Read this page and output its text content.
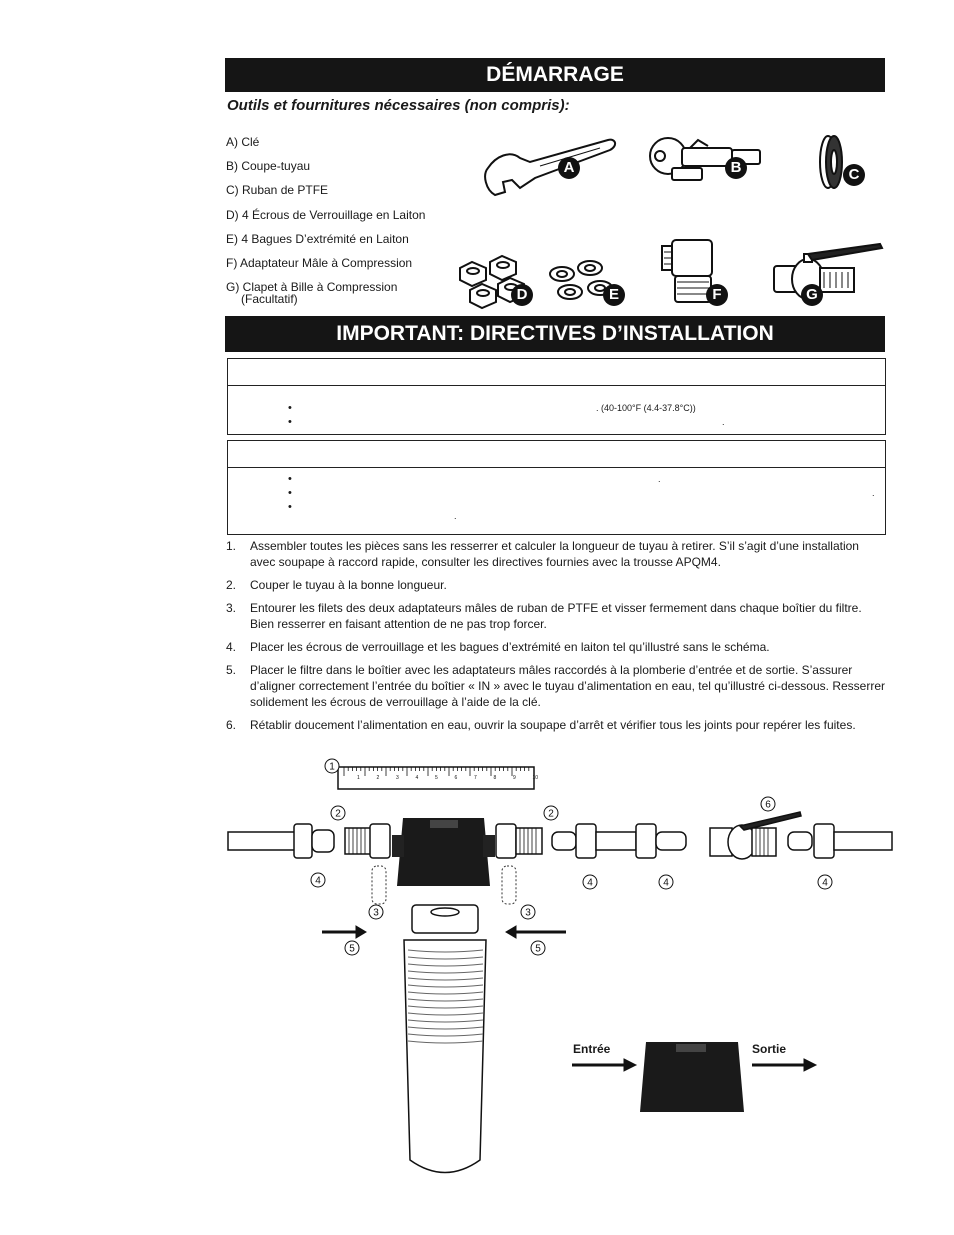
DÉMARRAGE
Outils et fournitures nécessaires (non compris):
A) Clé
B) Coupe-tuyau
C) Ruban de PTFE
D) 4 Écrous de Verrouillage en Laiton
E) 4 Bagues D’extrémité en Laiton
F) Adaptateur Mâle à Compression
G) Clapet à Bille à Compression
(Facultatif)
A	B	C
D	E	F	G
IMPORTANT: DIRECTIVES D’INSTALLATION
•	. (40-100°F (4.4-37.8°C))
•	.
•	.
•	.
•
.
1. Assembler toutes les pièces sans les resserrer et calculer la longueur de tuyau à retirer. S’il s’agit d’une installation avec soupape à raccord rapide, consulter les directives fournies avec la trousse APQM4.
2. Couper le tuyau à la bonne longueur.
3. Entourer les filets des deux adaptateurs mâles de ruban de PTFE et visser fermement dans chaque boîtier du filtre. Bien resserrer en faisant attention de ne pas trop forcer.
4. Placer les écrous de verrouillage et les bagues d’extrémité en laiton tel qu’illustré sans le schéma.
5. Placer le filtre dans le boîtier avec les adaptateurs mâles raccordés à la plomberie d’entrée et de sortie. S’assurer d’aligner correctement l’entrée du boîtier « IN » avec le tuyau d’alimentation en eau, tel qu’illustré ci-dessous. Resserrer solidement les écrous de verrouillage à l’aide de la clé.
6. Rétablir doucement l’alimentation en eau, ouvrir la soupape d’arrêt et vérifier tous les joints pour repérer les fuites.
1	2	3	4	5	6	7	8	9	10
1
2	2
3	3
4	4	4	4
5	5
6
Entrée	Sortie
